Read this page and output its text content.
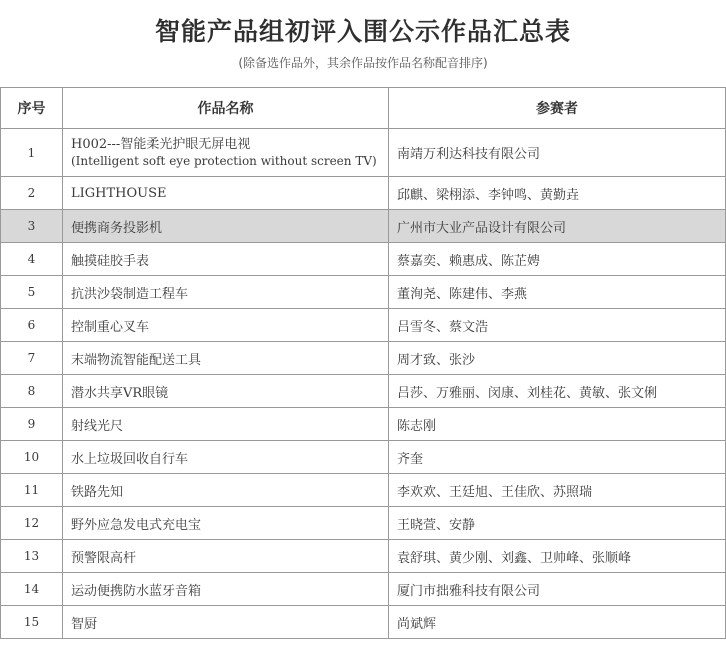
智能产品组初评入围公示作品汇总表
(除备选作品外，其余作品按作品名称配音排序)
序号	作品名称	参赛者
1	H002---智能柔光护眼无屏电视
(Intelligent soft eye protection without screen TV)	南靖万利达科技有限公司
2	LIGHTHOUSE	邱麒、梁栩添、李钟鸣、黄勤垚
3	便携商务投影机	广州市大业产品设计有限公司
4	触摸硅胶手表	蔡嘉奕、赖惠成、陈芷娉
5	抗洪沙袋制造工程车	董洵尧、陈建伟、李燕
6	控制重心叉车	吕雪冬、蔡文浩
7	末端物流智能配送工具	周才致、张沙
8	潜水共享VR眼镜	吕莎、万雅丽、闵康、刘桂花、黄敏、张文俐
9	射线光尺	陈志刚
10	水上垃圾回收自行车	齐奎
11	铁路先知	李欢欢、王廷旭、王佳欣、苏照瑞
12	野外应急发电式充电宝	王晓萱、安静
13	预警限高杆	袁舒琪、黄少刚、刘鑫、卫帅峰、张顺峰
14	运动便携防水蓝牙音箱	厦门市拙雅科技有限公司
15	智厨	尚斌辉
